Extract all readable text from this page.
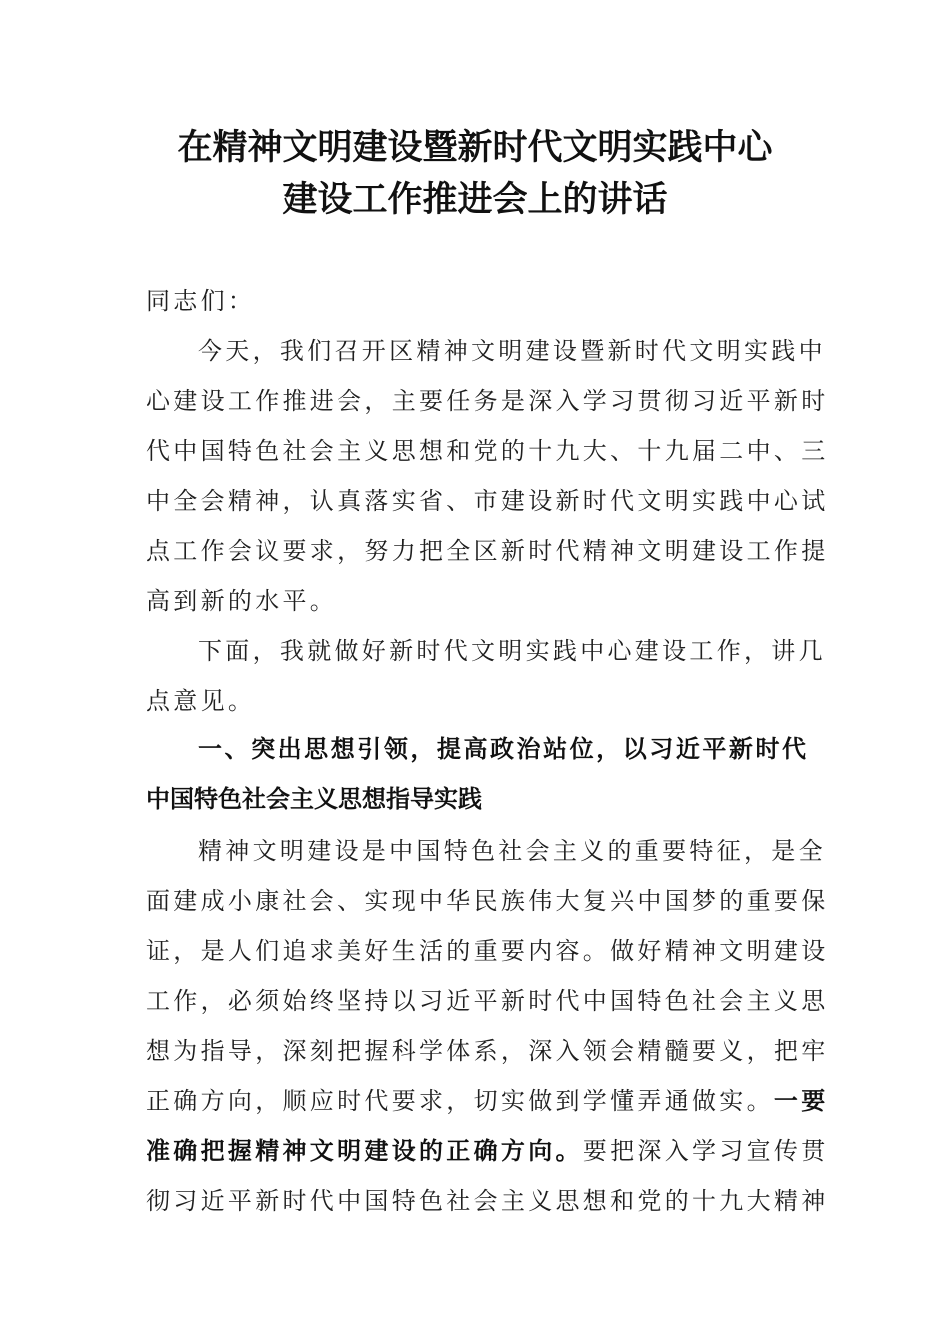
在精神文明建设暨新时代文明实践中心
建设工作推进会上的讲话
同志们：
今天，我们召开区精神文明建设暨新时代文明实践中
心建设工作推进会，主要任务是深入学习贯彻习近平新时
代中国特色社会主义思想和党的十九大、十九届二中、三
中全会精神，认真落实省、市建设新时代文明实践中心试
点工作会议要求，努力把全区新时代精神文明建设工作提
高到新的水平。
下面，我就做好新时代文明实践中心建设工作，讲几
点意见。
一、突出思想引领，提高政治站位，以习近平新时代
中国特色社会主义思想指导实践
精神文明建设是中国特色社会主义的重要特征，是全
面建成小康社会、实现中华民族伟大复兴中国梦的重要保
证，是人们追求美好生活的重要内容。做好精神文明建设
工作，必须始终坚持以习近平新时代中国特色社会主义思
想为指导，深刻把握科学体系，深入领会精髓要义，把牢
正确方向，顺应时代要求，切实做到学懂弄通做实。一要
准确把握精神文明建设的正确方向。要把深入学习宣传贯
彻习近平新时代中国特色社会主义思想和党的十九大精神
